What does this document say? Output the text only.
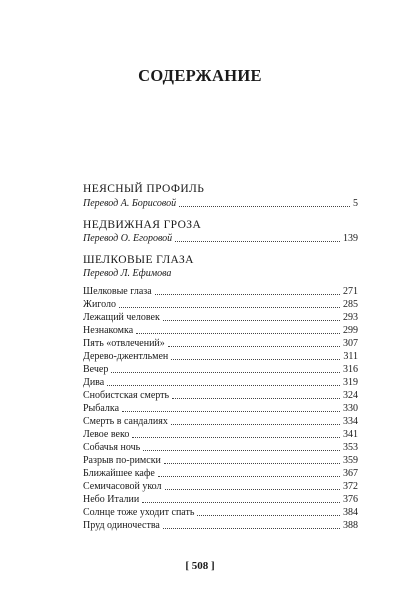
СОДЕРЖАНИЕ
НЕЯСНЫЙ ПРОФИЛЬ
Перевод А. Борисовой	5
НЕДВИЖНАЯ ГРОЗА
Перевод О. Егоровой	139
ШЕЛКОВЫЕ ГЛАЗА
Перевод Л. Ефимова
Шелковые глаза	271
Жиголо	285
Лежащий человек	293
Незнакомка	299
Пять «отвлечений»	307
Дерево-джентльмен	311
Вечер	316
Дива	319
Снобистская смерть	324
Рыбалка	330
Смерть в сандалиях	334
Левое веко	341
Собачья ночь	353
Разрыв по-римски	359
Ближайшее кафе	367
Семичасовой укол	372
Небо Италии	376
Солнце тоже уходит спать	384
Пруд одиночества	388
[ 508 ]
